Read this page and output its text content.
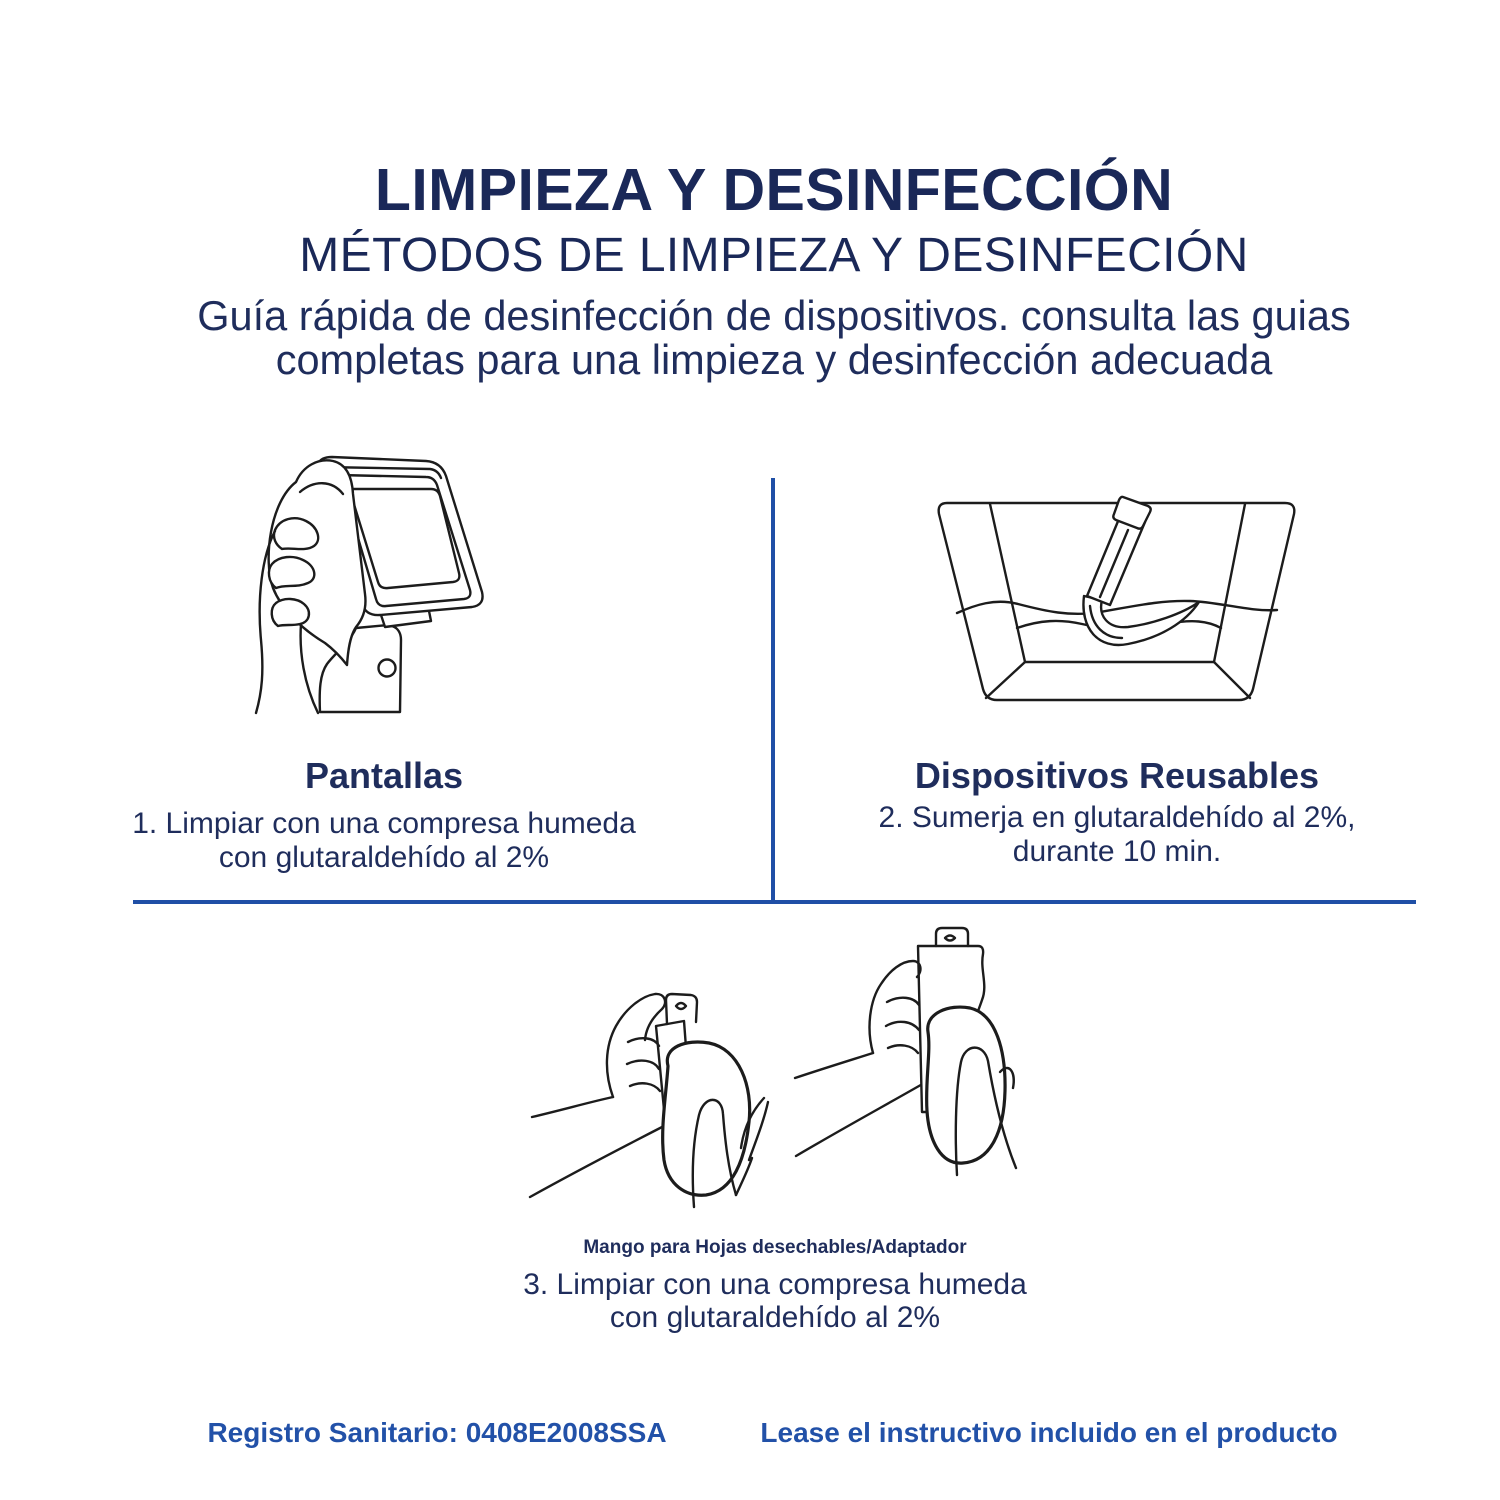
LIMPIEZA Y DESINFECCIÓN
MÉTODOS DE LIMPIEZA Y DESINFECIÓN
Guía rápida de desinfección de dispositivos. consulta las guias
completas para una limpieza y desinfección adecuada
Pantallas
1. Limpiar con una compresa humeda
con glutaraldehído al 2%
Dispositivos Reusables
2. Sumerja en glutaraldehído al 2%,
durante 10 min.
Mango para Hojas desechables/Adaptador
3. Limpiar con una compresa humeda
con glutaraldehído al 2%
Registro Sanitario: 0408E2008SSA	Lease el instructivo incluido en el producto
